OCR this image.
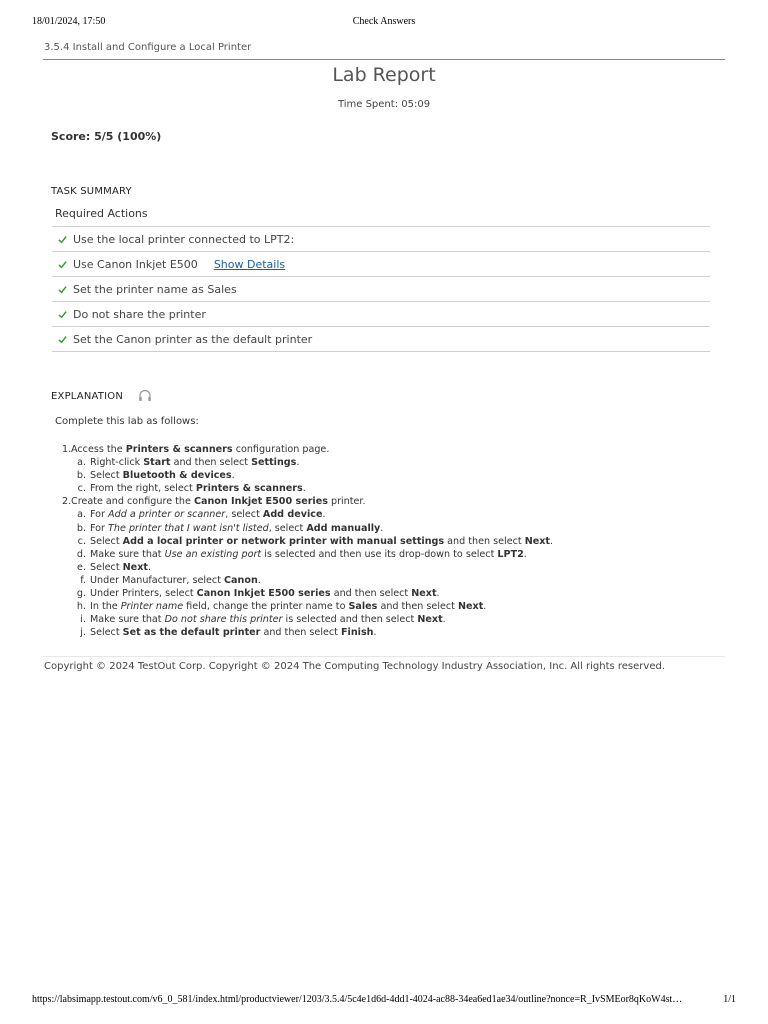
18/01/2024, 17:50	Check Answers
3.5.4 Install and Configure a Local Printer
Lab Report
Time Spent: 05:09
Score: 5/5 (100%)
TASK SUMMARY
Required Actions
Use the local printer connected to LPT2:
Use Canon Inkjet E500 Show Details
Set the printer name as Sales
Do not share the printer
Set the Canon printer as the default printer
EXPLANATION
Complete this lab as follows:
1. Access the Printers & scanners configuration page.
a. Right-click Start and then select Settings.
b. Select Bluetooth & devices.
c. From the right, select Printers & scanners.
2. Create and configure the Canon Inkjet E500 series printer.
a. For Add a printer or scanner, select Add device.
b. For The printer that I want isn't listed, select Add manually.
c. Select Add a local printer or network printer with manual settings and then select Next.
d. Make sure that Use an existing port is selected and then use its drop-down to select LPT2.
e. Select Next.
f. Under Manufacturer, select Canon.
g. Under Printers, select Canon Inkjet E500 series and then select Next.
h. In the Printer name field, change the printer name to Sales and then select Next.
i. Make sure that Do not share this printer is selected and then select Next.
j. Select Set as the default printer and then select Finish.
Copyright © 2024 TestOut Corp. Copyright © 2024 The Computing Technology Industry Association, Inc. All rights reserved.
https://labsimapp.testout.com/v6_0_581/index.html/productviewer/1203/3.5.4/5c4e1d6d-4dd1-4024-ac88-34ea6ed1ae34/outline?nonce=R_IvSMEor8qKoW4st…	1/1
